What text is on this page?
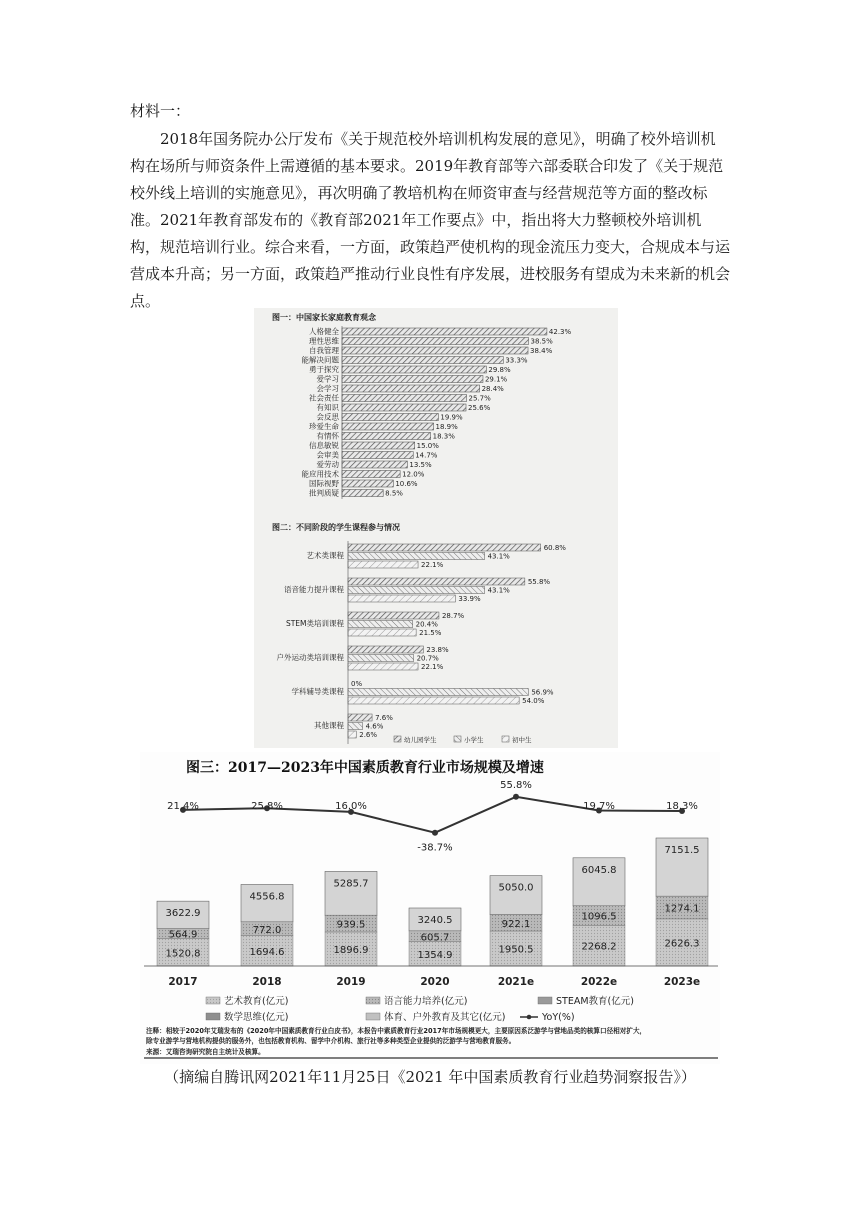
材料一：

2018年国务院办公厅发布《关于规范校外培训机构发展的意见》，明确了校外培训机构在场所与师资条件上需遵循的基本要求。2019年教育部等六部委联合印发了《关于规范校外线上培训的实施意见》，再次明确了教培机构在师资审查与经营规范等方面的整改标准。2021年教育部发布的《教育部2021年工作要点》中，指出将大力整顿校外培训机构，规范培训行业。综合来看，一方面，政策趋严使机构的现金流压力变大，合规成本与运营成本升高；另一方面，政策趋严推动行业良性有序发展，进校服务有望成为未来新的机会点。

图一：中国家长家庭教育观念
人格健全	42.3%
理性思维	38.5%
自我管理	38.4%
能解决问题	33.3%
勇于探究	29.8%
爱学习	29.1%
会学习	28.4%
社会责任	25.7%
有知识	25.6%
会反思	19.9%
珍爱生命	18.9%
有情怀	18.3%
信息敏锐	15.0%
会审美	14.7%
爱劳动	13.5%
能应用技术	12.0%
国际视野	10.6%
批判质疑	8.5%
图二：不同阶段的学生课程参与情况
艺术类课程
60.8%
43.1%
22.1%
语音能力提升课程
55.8%
43.1%
33.9%
STEM类培训课程
28.7%
20.4%
21.5%
户外运动类培训课程
23.8%
20.7%
22.1%
学科辅导类课程
0%
56.9%
54.0%
其他课程
7.6%
4.6%
2.6%
幼儿园学生	小学生	初中生
图三：2017—2023年中国素质教育行业市场规模及增速
3622.9
564.9
1520.8
2017
4556.8
772.0
1694.6
2018
5285.7
939.5
1896.9
2019
3240.5
605.7
1354.9
2020
5050.0
922.1
1950.5
2021e
6045.8
1096.5
2268.2
2022e
7151.5
1274.1
2626.3
2023e
21.4%	25.8%	16.0%
-38.7%
55.8%
19.7%	18.3%
艺术教育(亿元)	语言能力培养(亿元)	STEAM教育(亿元)
数学思维(亿元)	体育、户外教育及其它(亿元)	YoY(%)
注释：相较于2020年艾瑞发布的《2020年中国素质教育行业白皮书》，本报告中素质教育行业2017年市场规模更大，主要原因系泛游学与营地品类的核算口径相对扩大，
除专业游学与营地机构提供的服务外，也包括教育机构、留学中介机构、旅行社等多种类型企业提供的泛游学与营地教育服务。
来源：艾瑞咨询研究院自主统计及核算。
（摘编自腾讯网2021年11月25日《2021 年中国素质教育行业趋势洞察报告》）
